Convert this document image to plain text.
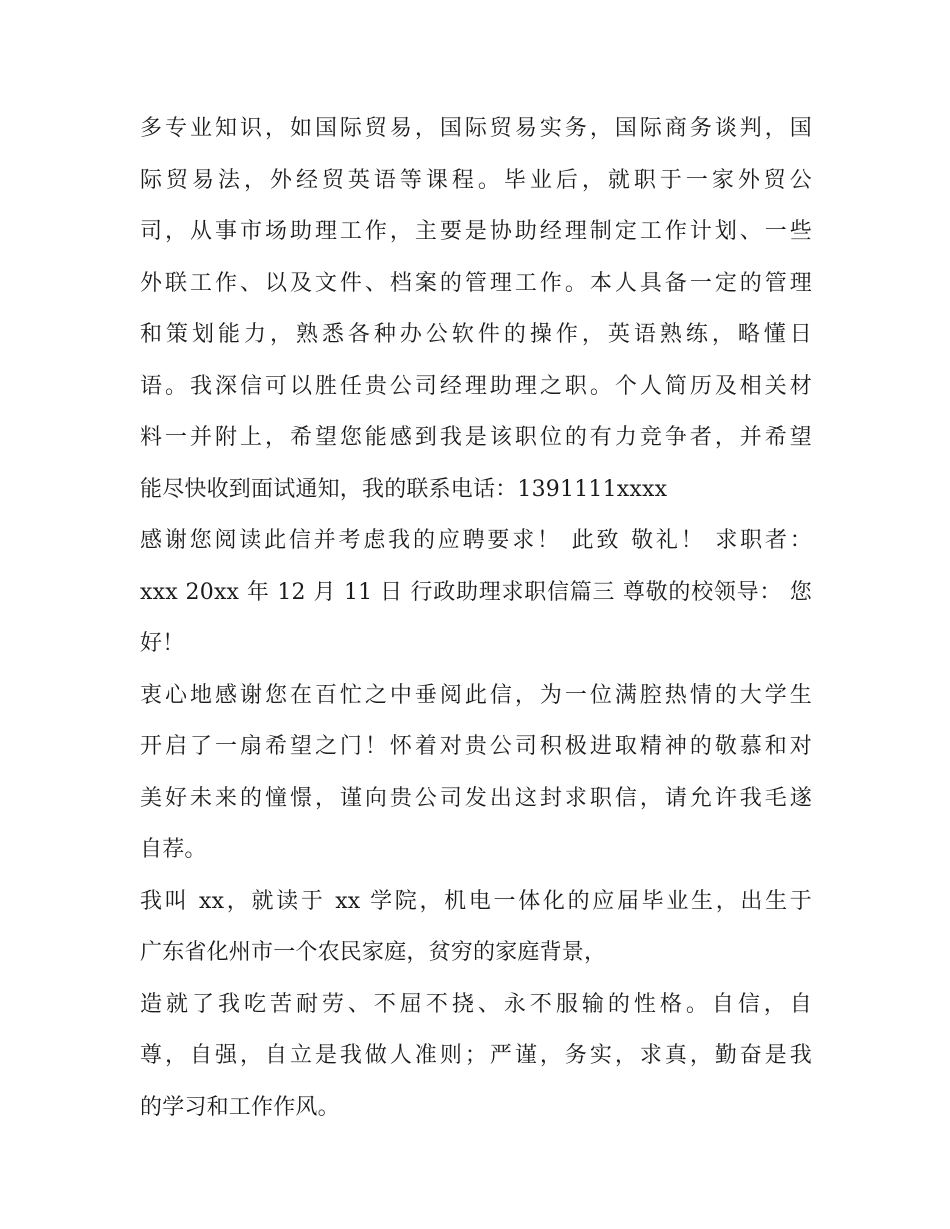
多专业知识，如国际贸易，国际贸易实务，国际商务谈判，国
际贸易法，外经贸英语等课程。毕业后，就职于一家外贸公
司，从事市场助理工作，主要是协助经理制定工作计划、一些
外联工作、以及文件、档案的管理工作。本人具备一定的管理
和策划能力，熟悉各种办公软件的操作，英语熟练，略懂日
语。我深信可以胜任贵公司经理助理之职。个人简历及相关材
料一并附上，希望您能感到我是该职位的有力竞争者，并希望
能尽快收到面试通知，我的联系电话：1391111xxxx
感谢您阅读此信并考虑我的应聘要求！ 此致 敬礼！ 求职者：
xxx 20xx 年 12 月 11 日 行政助理求职信篇三 尊敬的校领导： 您
好！
衷心地感谢您在百忙之中垂阅此信，为一位满腔热情的大学生
开启了一扇希望之门！怀着对贵公司积极进取精神的敬慕和对
美好未来的憧憬，谨向贵公司发出这封求职信，请允许我毛遂
自荐。
我叫 xx，就读于 xx 学院，机电一体化的应届毕业生，出生于
广东省化州市一个农民家庭，贫穷的家庭背景，
造就了我吃苦耐劳、不屈不挠、永不服输的性格。自信，自
尊，自强，自立是我做人准则；严谨，务实，求真，勤奋是我
的学习和工作作风。
